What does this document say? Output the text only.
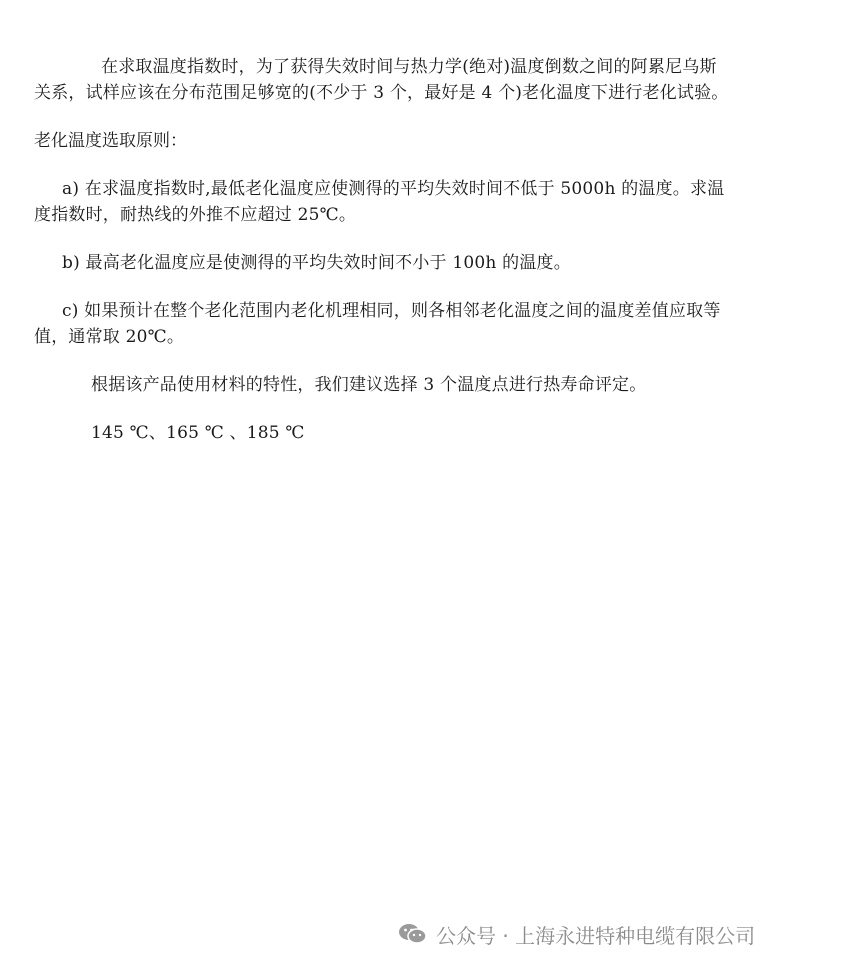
在求取温度指数时，为了获得失效时间与热力学(绝对)温度倒数之间的阿累尼乌斯
关系，试样应该在分布范围足够宽的(不少于 3 个，最好是 4 个)老化温度下进行老化试验。
老化温度选取原则：
a) 在求温度指数时,最低老化温度应使测得的平均失效时间不低于 5000h 的温度。求温
度指数时，耐热线的外推不应超过 25℃。
b) 最高老化温度应是使测得的平均失效时间不小于 100h 的温度。
c) 如果预计在整个老化范围内老化机理相同，则各相邻老化温度之间的温度差值应取等
值，通常取 20℃。
根据该产品使用材料的特性，我们建议选择 3 个温度点进行热寿命评定。
145 ℃、165 ℃ 、185 ℃
公众号 · 上海永进特种电缆有限公司
